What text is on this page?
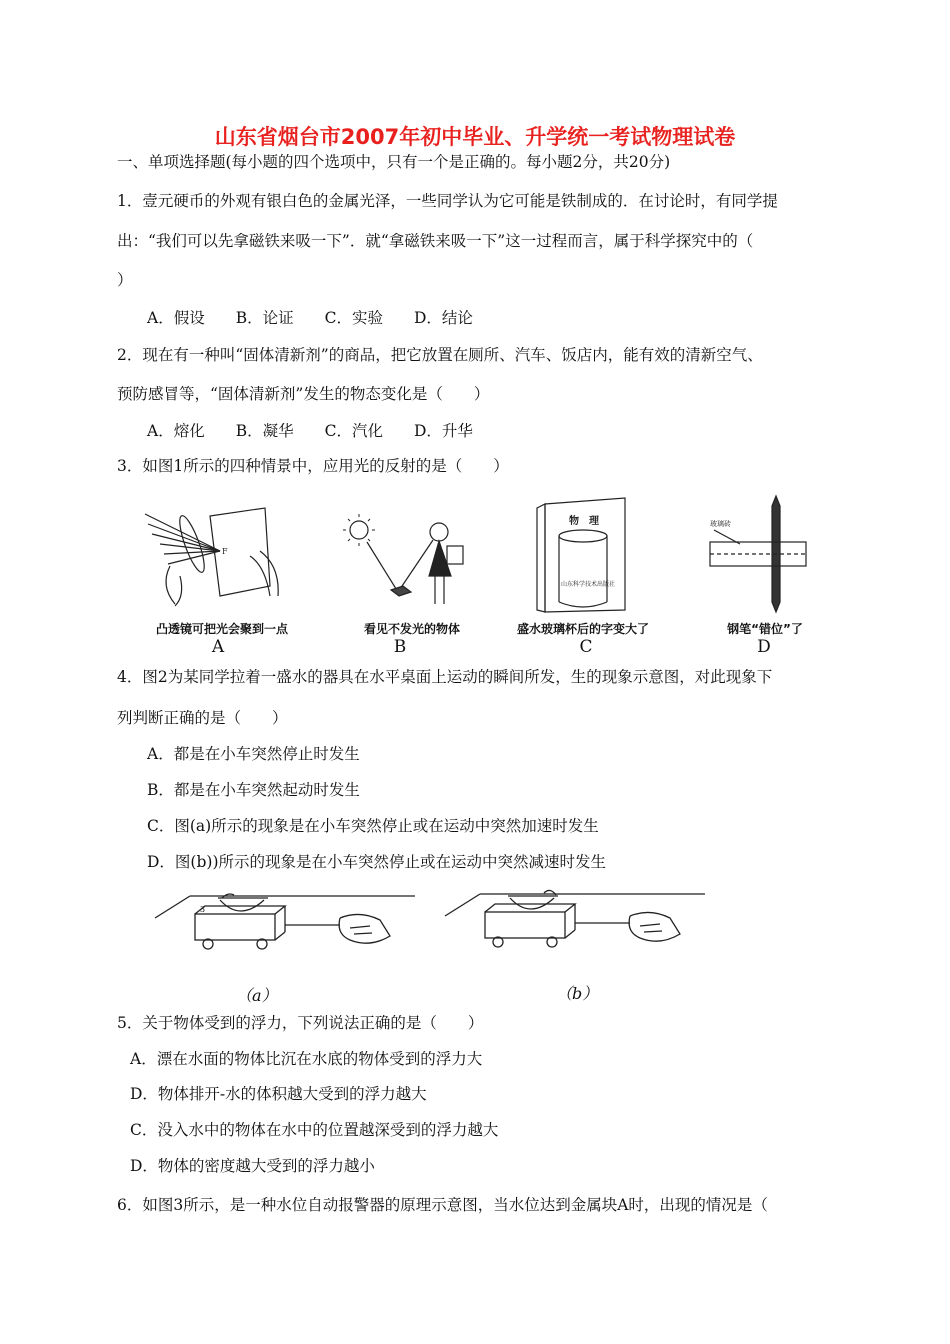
山东省烟台市2007年初中毕业、升学统一考试物理试卷
一、单项选择题(每小题的四个选项中，只有一个是正确的。每小题2分，共20分)
1．壹元硬币的外观有银白色的金属光泽，一些同学认为它可能是铁制成的．在讨论时，有同学提
出：“我们可以先拿磁铁来吸一下”．就“拿磁铁来吸一下”这一过程而言，属于科学探究中的（
）
A．假设　　B．论证　　C．实验　　D．结论
2．现在有一种叫“固体清新剂”的商品，把它放置在厕所、汽车、饭店内，能有效的清新空气、
预防感冒等，“固体清新剂”发生的物态变化是（　　）
A．熔化　　B．凝华　　C．汽化　　D．升华
3．如图1所示的四种情景中，应用光的反射的是（　　）
F
凸透镜可把光会聚到一点
A
看见不发光的物体
B
物　理
山东科学技术出版社
盛水玻璃杯后的字变大了
C
玻璃砖
钢笔“错位”了
D
4．图2为某同学拉着一盛水的器具在水平桌面上运动的瞬间所发，生的现象示意图，对此现象下
列判断正确的是（　　）
A．都是在小车突然停止时发生
B．都是在小车突然起动时发生
C．图(a)所示的现象是在小车突然停止或在运动中突然加速时发生
D．图(b))所示的现象是在小车突然停止或在运动中突然减速时发生
3
（a）	（b）
5．关于物体受到的浮力，下列说法正确的是（　　）
A．漂在水面的物体比沉在水底的物体受到的浮力大
D．物体排开-水的体积越大受到的浮力越大
C．没入水中的物体在水中的位置越深受到的浮力越大
D．物体的密度越大受到的浮力越小
6．如图3所示，是一种水位自动报警器的原理示意图，当水位达到金属块A时，出现的情况是（
